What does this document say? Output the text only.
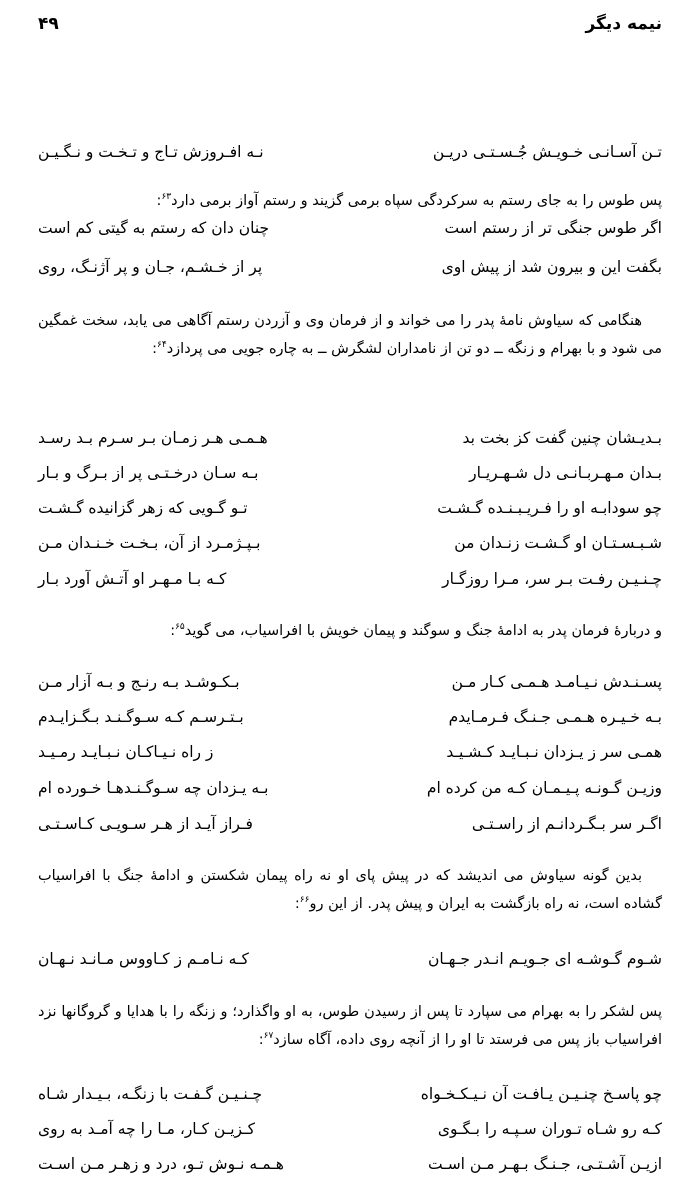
نیمه دیگر
۴۹
تـن آسـانـی خـویـش جُـسـتـی دریـن
نـه افـروزش تـاج و تـخـت و نـگـیـن
پس طوس را به جای رستم به سرکردگی سپاه برمی گزیند و رستم آواز برمی دارد$^{۶۳}$:
اگر طوس جنگی تر از رستم است
چنان دان که رستم به گیتی کم است
بگفت این و بیرون شد از پیش اوی
پر از خـشـم، جـان و پر آژنـگ، روی
هنگامی که سیاوش نامهٔ پدر را می خواند و از فرمان وی و آزردن رستم آگاهی می یابد، سخت غمگین می شود و با بهرام و زنگه ــ دو تن از نامداران لشگرش ــ به چاره جویی می پردازد$^{۶۴}$:
بـدیـشان چنین گفت کز بخت بد
هـمـی هـر زمـان بـر سـرم بـد رسـد
بـدان مـهـربـانـی دل شـهـریـار
بـه سـان درخـتـی پر از بـرگ و بـار
چو سودابـه او را فـریـبـنـده گـشـت
تـو گـویی که زهر گزانیده گـشـت
شـبـسـتـان او گـشـت زنـدان من
بـپـژمـرد از آن، بـخـت خـنـدان مـن
چـنـیـن رفـت بـر سر، مـرا روزگـار
کـه بـا مـهـر او آتـش آورد بـار
و دربارهٔ فرمان پدر به ادامهٔ جنگ و سوگند و پیمان خویش با افراسیاب، می گوید$^{۶۵}$:
پسـنـدش نـیـامـد هـمـی کـار مـن
بـکـوشـد بـه رنـج و بـه آزار مـن
بـه خـیـره هـمـی جـنـگ فـرمـایدم
بـتـرسـم کـه سـوگـنـد بـگـزایـدم
همـی سر ز یـزدان نـبـایـد کـشـیـد
ز راه نـیـاکـان نـبـایـد رمـیـد
وزیـن گـونـه پـیـمـان کـه من کرده ام
بـه یـزدان چه سـوگـنـدهـا خـورده ام
اگـر سر بـگـردانـم از راسـتـی
فـراز آیـد از هـر سـویـی کـاسـتـی
بدین گونه سیاوش می اندیشد که در پیش پای او نه راه پیمان شکستن و ادامهٔ جنگ با افراسیاب گشاده است، نه راه بازگشت به ایران و پیش پدر. از این رو$^{۶۶}$:
شـوم گـوشـه ای جـویـم انـدر جـهـان
کـه نـامـم ز کـاووس مـانـد نـهـان
پس لشکر را به بهرام می سپارد تا پس از رسیدن طوس، به او واگذارد؛ و زنگه را با هدایا و گروگانها نزد افراسیاب باز پس می فرستد تا او را از آنچه روی داده، آگاه سازد$^{۶۷}$:
چو پاسـخ چنـیـن یـافـت آن نـیـکـخـواه
چـنـیـن گـفـت با زنگـه، بـیـدار شـاه
کـه رو شـاه تـوران سـپـه را بـگـوی
کـزیـن کـار، مـا را چه آمـد به روی
ازیـن آشـتـی، جـنـگ بـهـر مـن اسـت
هـمـه نـوش تـو، درد و زهـر مـن اسـت
